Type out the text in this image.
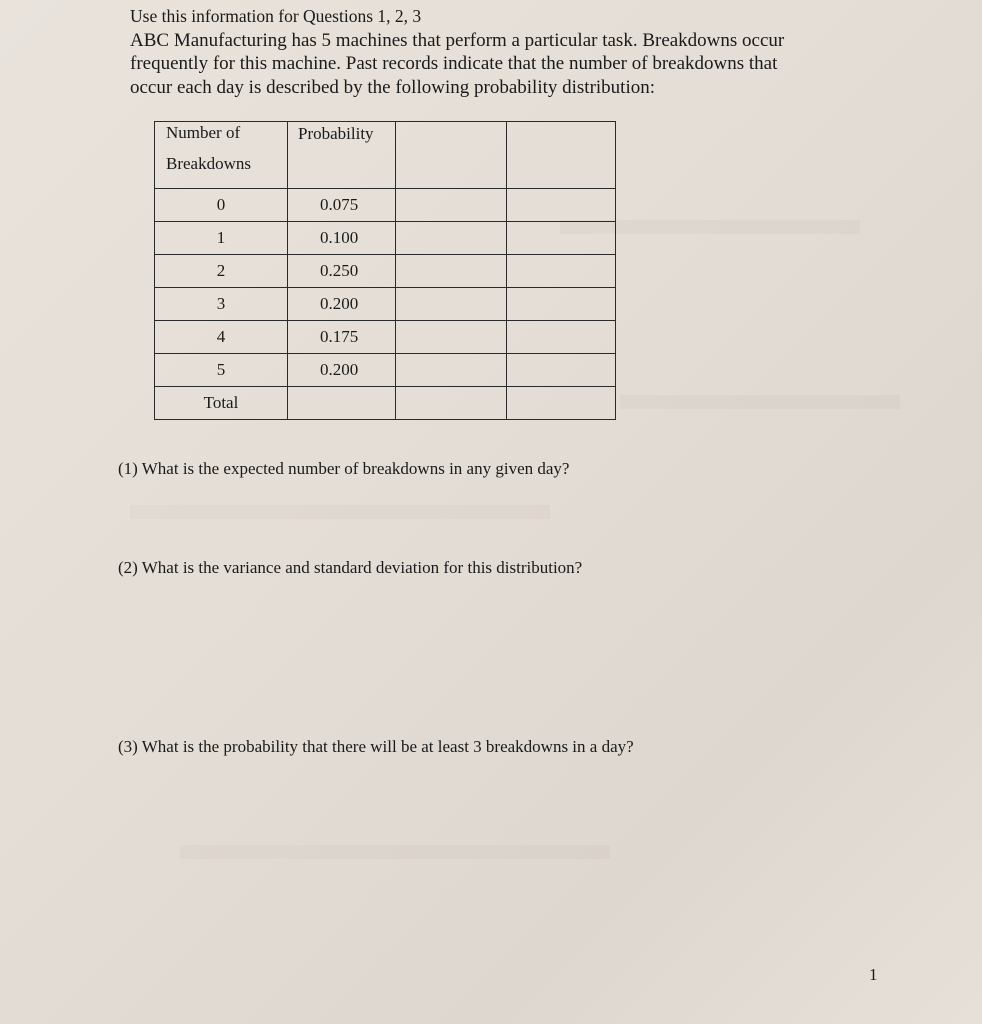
Use this information for Questions 1, 2, 3
ABC Manufacturing has 5 machines that perform a particular task. Breakdowns occur
frequently for this machine. Past records indicate that the number of breakdowns that
occur each day is described by the following probability distribution:
Number of
Breakdowns	Probability		
0	0.075		
1	0.100		
2	0.250		
3	0.200		
4	0.175		
5	0.200		
Total			
(1) What is the expected number of breakdowns in any given day?
(2) What is the variance and standard deviation for this distribution?
(3) What is the probability that there will be at least 3 breakdowns in a day?
1
